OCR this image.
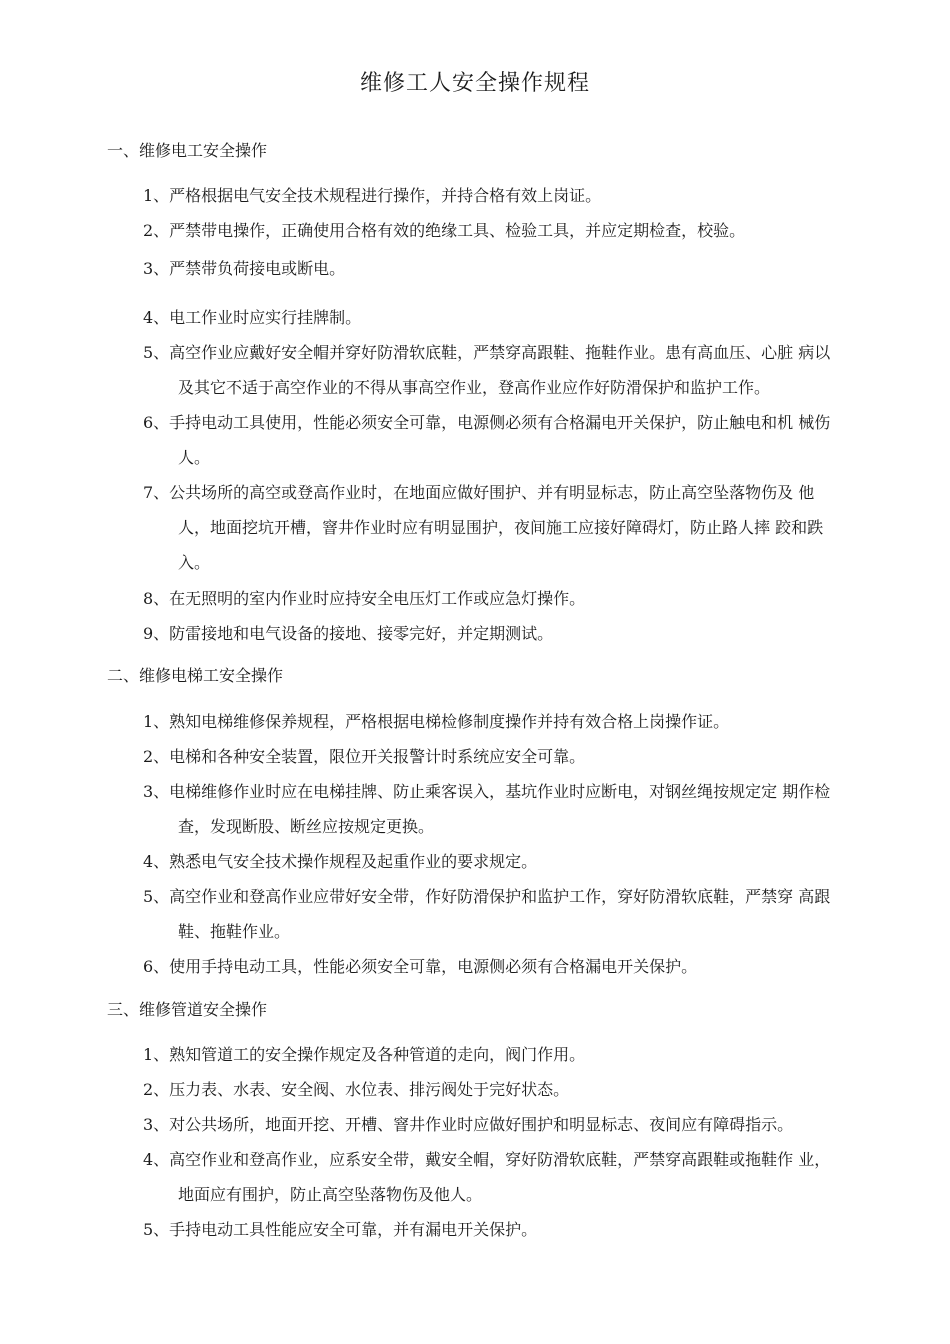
维修工人安全操作规程
一、维修电工安全操作
1、严格根据电气安全技术规程进行操作，并持合格有效上岗证。
2、严禁带电操作，正确使用合格有效的绝缘工具、检验工具，并应定期检查，校验。
3、严禁带负荷接电或断电。
4、电工作业时应实行挂牌制。
5、高空作业应戴好安全帽并穿好防滑软底鞋，严禁穿高跟鞋、拖鞋作业。患有高血压、心脏 病以
及其它不适于高空作业的不得从事高空作业，登高作业应作好防滑保护和监护工作。
6、手持电动工具使用，性能必须安全可靠，电源侧必须有合格漏电开关保护，防止触电和机 械伤
人。
7、公共场所的高空或登高作业时，在地面应做好围护、并有明显标志，防止高空坠落物伤及 他
人，地面挖坑开槽，窨井作业时应有明显围护，夜间施工应接好障碍灯，防止路人摔 跤和跌
入。
8、在无照明的室内作业时应持安全电压灯工作或应急灯操作。
9、防雷接地和电气设备的接地、接零完好，并定期测试。
二、维修电梯工安全操作
1、熟知电梯维修保养规程，严格根据电梯检修制度操作并持有效合格上岗操作证。
2、电梯和各种安全装置，限位开关报警计时系统应安全可靠。
3、电梯维修作业时应在电梯挂牌、防止乘客误入，基坑作业时应断电，对钢丝绳按规定定 期作检
查，发现断股、断丝应按规定更换。
4、熟悉电气安全技术操作规程及起重作业的要求规定。
5、高空作业和登高作业应带好安全带，作好防滑保护和监护工作，穿好防滑软底鞋，严禁穿 高跟
鞋、拖鞋作业。
6、使用手持电动工具，性能必须安全可靠，电源侧必须有合格漏电开关保护。
三、维修管道安全操作
1、熟知管道工的安全操作规定及各种管道的走向，阀门作用。
2、压力表、水表、安全阀、水位表、排污阀处于完好状态。
3、对公共场所，地面开挖、开槽、窨井作业时应做好围护和明显标志、夜间应有障碍指示。
4、高空作业和登高作业，应系安全带，戴安全帽，穿好防滑软底鞋，严禁穿高跟鞋或拖鞋作 业，
地面应有围护，防止高空坠落物伤及他人。
5、手持电动工具性能应安全可靠，并有漏电开关保护。
